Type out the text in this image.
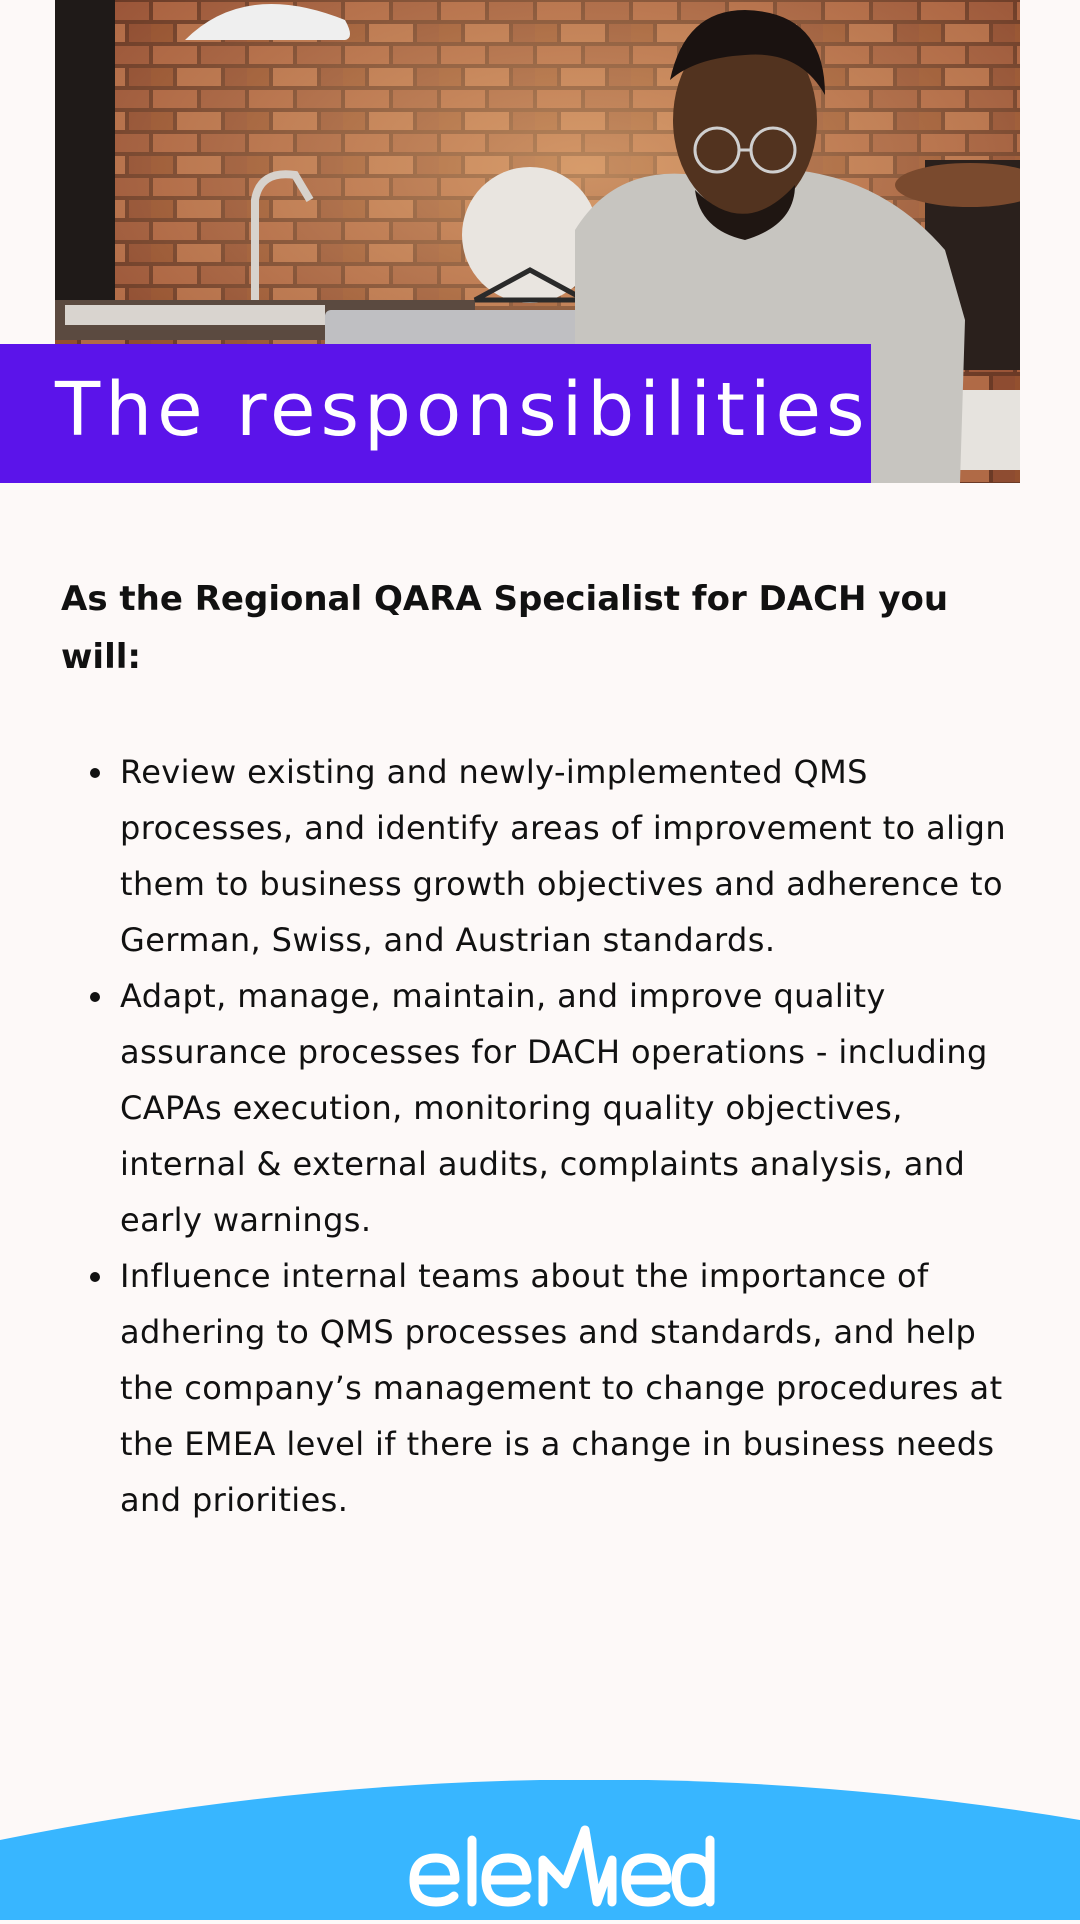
The responsibilities

As the Regional QARA Specialist for DACH you will:

Review existing and newly-implemented QMS processes, and identify areas of improvement to align them to business growth objectives and adherence to German, Swiss, and Austrian standards.
Adapt, manage, maintain, and improve quality assurance processes for DACH operations - including CAPAs execution, monitoring quality objectives, internal & external audits, complaints analysis, and early warnings.
Influence internal teams about the importance of adhering to QMS processes and standards, and help the company’s management to change procedures at the EMEA level if there is a change in business needs and priorities.
